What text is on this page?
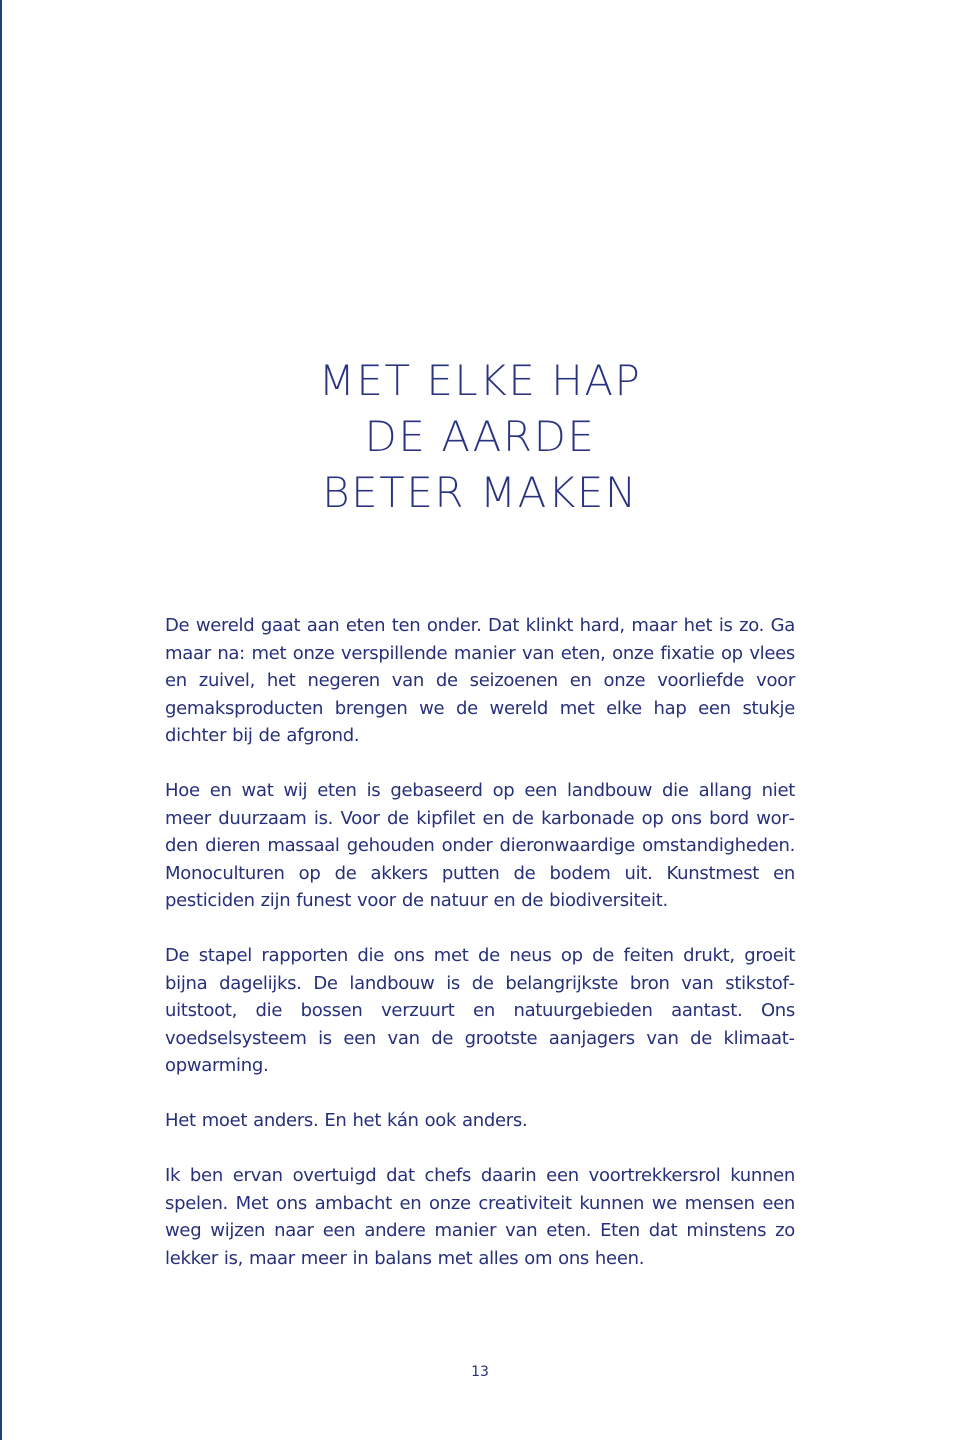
MET ELKE HAP
DE AARDE
BETER MAKEN

De wereld gaat aan eten ten onder. Dat klinkt hard, maar het is zo. Ga maar na: met onze verspillende manier van eten, onze fixatie op vlees en zuivel, het negeren van de seizoenen en onze voorliefde voor gemaksproducten brengen we de wereld met elke hap een stukje dichter bij de afgrond.

Hoe en wat wij eten is gebaseerd op een landbouw die allang niet meer duurzaam is. Voor de kipfilet en de karbonade op ons bord worden dieren massaal gehouden onder dieronwaardige omstandigheden. Monoculturen op de akkers putten de bodem uit. Kunstmest en pesticiden zijn funest voor de natuur en de biodiversiteit.

De stapel rapporten die ons met de neus op de feiten drukt, groeit bijna dagelijks. De landbouw is de belangrijkste bron van stikstofuitstoot, die bossen verzuurt en natuurgebieden aantast. Ons voedselsysteem is een van de grootste aanjagers van de klimaatopwarming.

Het moet anders. En het kán ook anders.

Ik ben ervan overtuigd dat chefs daarin een voortrekkersrol kunnen spelen. Met ons ambacht en onze creativiteit kunnen we mensen een weg wijzen naar een andere manier van eten. Eten dat minstens zo lekker is, maar meer in balans met alles om ons heen.

13
